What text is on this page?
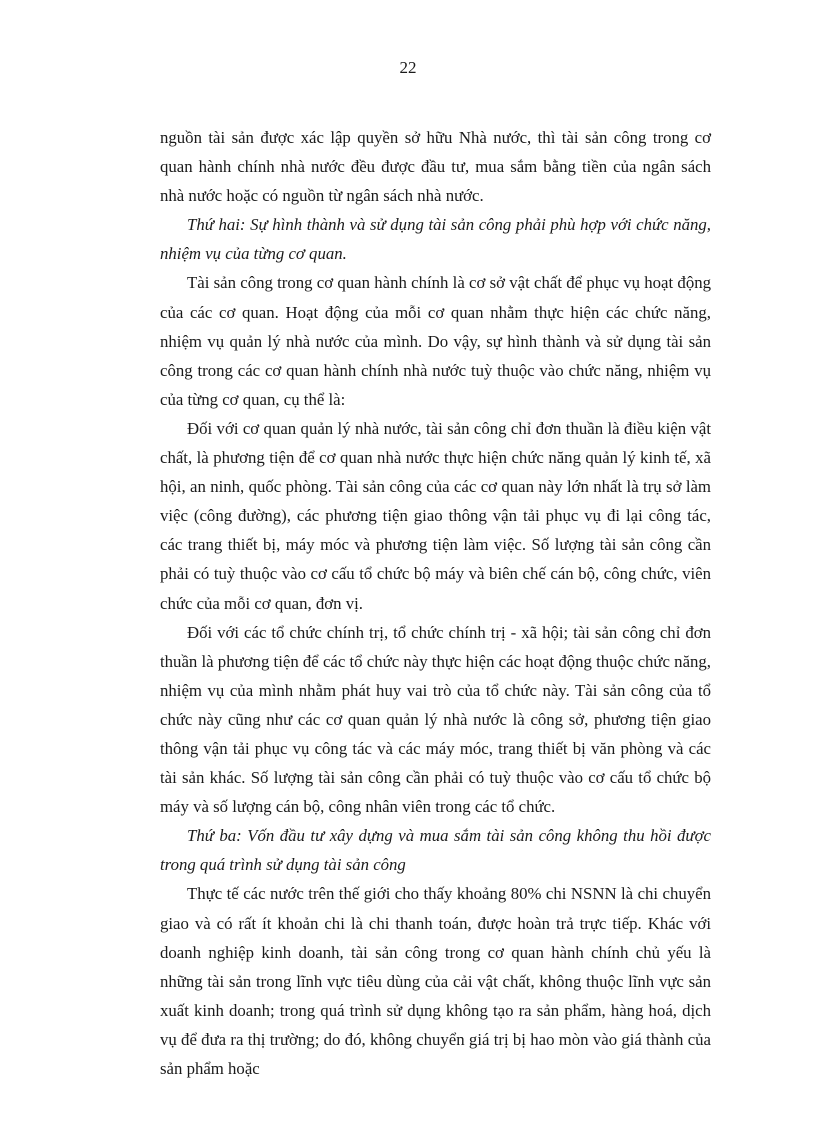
22

nguồn tài sản được xác lập quyền sở hữu Nhà nước, thì tài sản công trong cơ quan hành chính nhà nước đều được đầu tư, mua sắm bằng tiền của ngân sách nhà nước hoặc có nguồn từ ngân sách nhà nước.

Thứ hai: Sự hình thành và sử dụng tài sản công phải phù hợp với chức năng, nhiệm vụ của từng cơ quan.

Tài sản công trong cơ quan hành chính là cơ sở vật chất để phục vụ hoạt động của các cơ quan. Hoạt động của mỗi cơ quan nhằm thực hiện các chức năng, nhiệm vụ quản lý nhà nước của mình. Do vậy, sự hình thành và sử dụng tài sản công trong các cơ quan hành chính nhà nước tuỳ thuộc vào chức năng, nhiệm vụ của từng cơ quan, cụ thể là:

Đối với cơ quan quản lý nhà nước, tài sản công chỉ đơn thuần là điều kiện vật chất, là phương tiện để cơ quan nhà nước thực hiện chức năng quản lý kinh tế, xã hội, an ninh, quốc phòng. Tài sản công của các cơ quan này lớn nhất là trụ sở làm việc (công đường), các phương tiện giao thông vận tải phục vụ đi lại công tác, các trang thiết bị, máy móc và phương tiện làm việc. Số lượng tài sản công cần phải có tuỳ thuộc vào cơ cấu tổ chức bộ máy và biên chế cán bộ, công chức, viên chức của mỗi cơ quan, đơn vị.

Đối với các tổ chức chính trị, tổ chức chính trị - xã hội; tài sản công chỉ đơn thuần là phương tiện để các tổ chức này thực hiện các hoạt động thuộc chức năng, nhiệm vụ của mình nhằm phát huy vai trò của tổ chức này. Tài sản công của tổ chức này cũng như các cơ quan quản lý nhà nước là công sở, phương tiện giao thông vận tải phục vụ công tác và các máy móc, trang thiết bị văn phòng và các tài sản khác. Số lượng tài sản công cần phải có tuỳ thuộc vào cơ cấu tổ chức bộ máy và số lượng cán bộ, công nhân viên trong các tổ chức.

Thứ ba: Vốn đầu tư xây dựng và mua sắm tài sản công không thu hồi được trong quá trình sử dụng tài sản công

Thực tế các nước trên thế giới cho thấy khoảng 80% chi NSNN là chi chuyển giao và có rất ít khoản chi là chi thanh toán, được hoàn trả trực tiếp. Khác với doanh nghiệp kinh doanh, tài sản công trong cơ quan hành chính chủ yếu là những tài sản trong lĩnh vực tiêu dùng của cải vật chất, không thuộc lĩnh vực sản xuất kinh doanh; trong quá trình sử dụng không tạo ra sản phẩm, hàng hoá, dịch vụ để đưa ra thị trường; do đó, không chuyển giá trị bị hao mòn vào giá thành của sản phẩm hoặc
